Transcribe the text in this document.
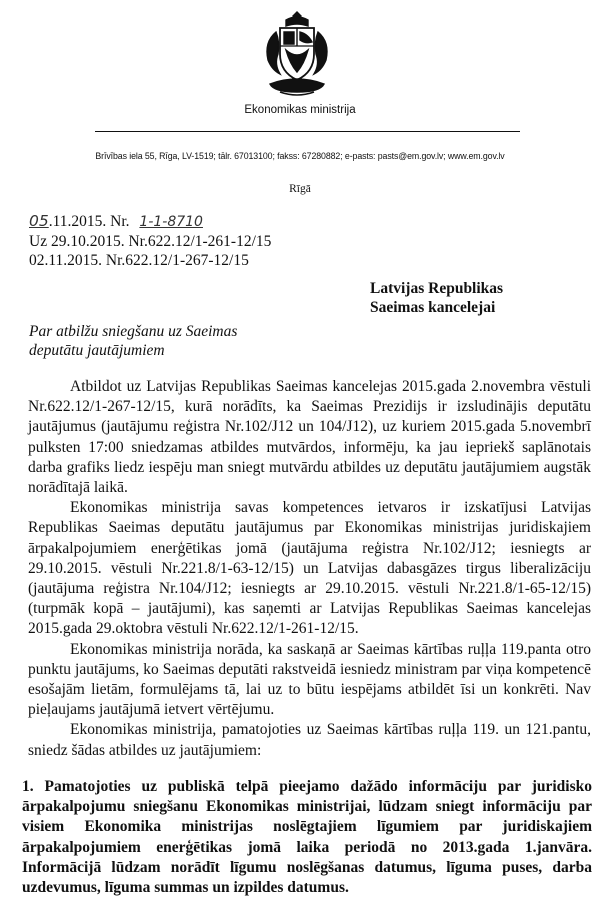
Ekonomikas ministrija
Brīvības iela 55, Rīga, LV-1519; tālr. 67013100; fakss: 67280882; e-pasts: pasts@em.gov.lv; www.em.gov.lv
Rīgā
05.11.2015. Nr. 1-1-8710
Uz 29.10.2015. Nr.622.12/1-261-12/15
02.11.2015. Nr.622.12/1-267-12/15
Latvijas Republikas
Saeimas kancelejai
Par atbilžu sniegšanu uz Saeimas
deputātu jautājumiem

Atbildot uz Latvijas Republikas Saeimas kancelejas 2015.gada 2.novembra vēstuli Nr.622.12/1-267-12/15, kurā norādīts, ka Saeimas Prezidijs ir izsludinājis deputātu jautājumus (jautājumu reģistra Nr.102/J12 un 104/J12), uz kuriem 2015.gada 5.novembrī pulksten 17:00 sniedzamas atbildes mutvārdos, informēju, ka jau iepriekš saplānotais darba grafiks liedz iespēju man sniegt mutvārdu atbildes uz deputātu jautājumiem augstāk norādītajā laikā.

Ekonomikas ministrija savas kompetences ietvaros ir izskatījusi Latvijas Republikas Saeimas deputātu jautājumus par Ekonomikas ministrijas juridiskajiem ārpakalpojumiem enerģētikas jomā (jautājuma reģistra Nr.102/J12; iesniegts ar 29.10.2015. vēstuli Nr.221.8/1-63-12/15) un Latvijas dabasgāzes tirgus liberalizāciju (jautājuma reģistra Nr.104/J12; iesniegts ar 29.10.2015. vēstuli Nr.221.8/1-65-12/15) (turpmāk kopā – jautājumi), kas saņemti ar Latvijas Republikas Saeimas kancelejas 2015.gada 29.oktobra vēstuli Nr.622.12/1-261-12/15.

Ekonomikas ministrija norāda, ka saskaņā ar Saeimas kārtības ruļļa 119.panta otro punktu jautājums, ko Saeimas deputāti rakstveidā iesniedz ministram par viņa kompetencē esošajām lietām, formulējams tā, lai uz to būtu iespējams atbildēt īsi un konkrēti. Nav pieļaujams jautājumā ietvert vērtējumu.

Ekonomikas ministrija, pamatojoties uz Saeimas kārtības ruļļa 119. un 121.pantu, sniedz šādas atbildes uz jautājumiem:

1. Pamatojoties uz publiskā telpā pieejamo dažādo informāciju par juridisko ārpakalpojumu sniegšanu Ekonomikas ministrijai, lūdzam sniegt informāciju par visiem Ekonomika ministrijas noslēgtajiem līgumiem par juridiskajiem ārpakalpojumiem enerģētikas jomā laika periodā no 2013.gada 1.janvāra. Informācijā lūdzam norādīt līgumu noslēgšanas datumus, līguma puses, darba uzdevumus, līguma summas un izpildes datumus.
